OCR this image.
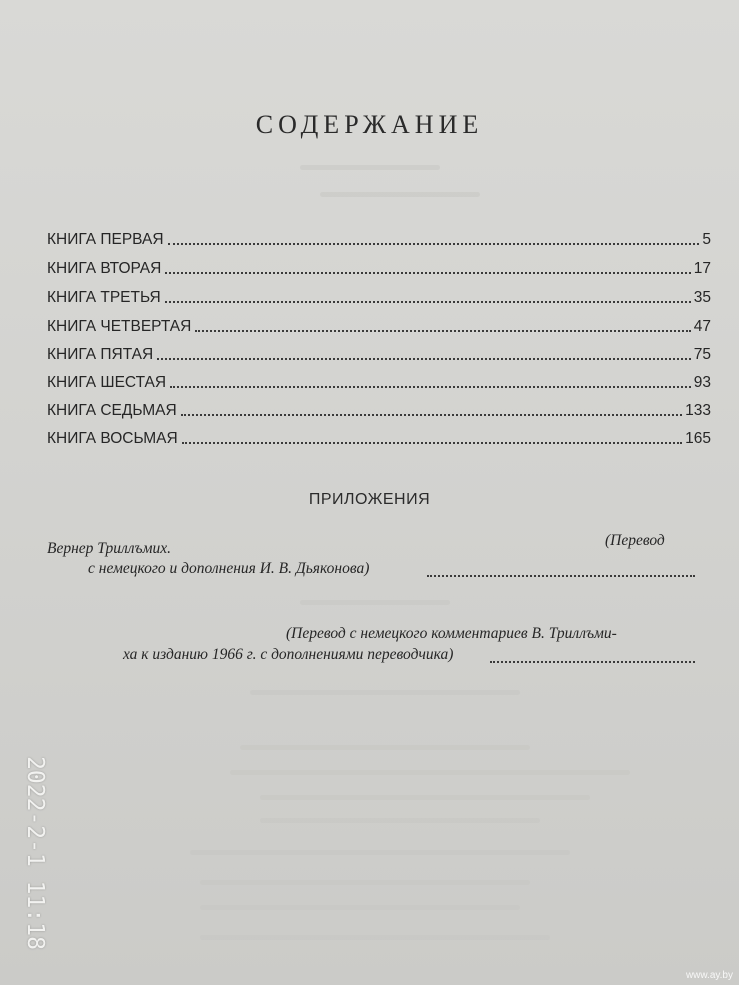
СОДЕРЖАНИЕ
КНИГА ПЕРВАЯ	5
КНИГА ВТОРАЯ	17
КНИГА ТРЕТЬЯ	35
КНИГА ЧЕТВЕРТАЯ	47
КНИГА ПЯТАЯ	75
КНИГА ШЕСТАЯ	93
КНИГА СЕДЬМАЯ	133
КНИГА ВОСЬМАЯ	165
ПРИЛОЖЕНИЯ
Вернер Триллъмих.	(Перевод
с немецкого и дополнения И. В. Дьяконова)
(Перевод с немецкого комментариев В. Триллъми-
ха к изданию 1966 г. с дополнениями переводчика)
2022-2-1 11:18
www.ay.by
